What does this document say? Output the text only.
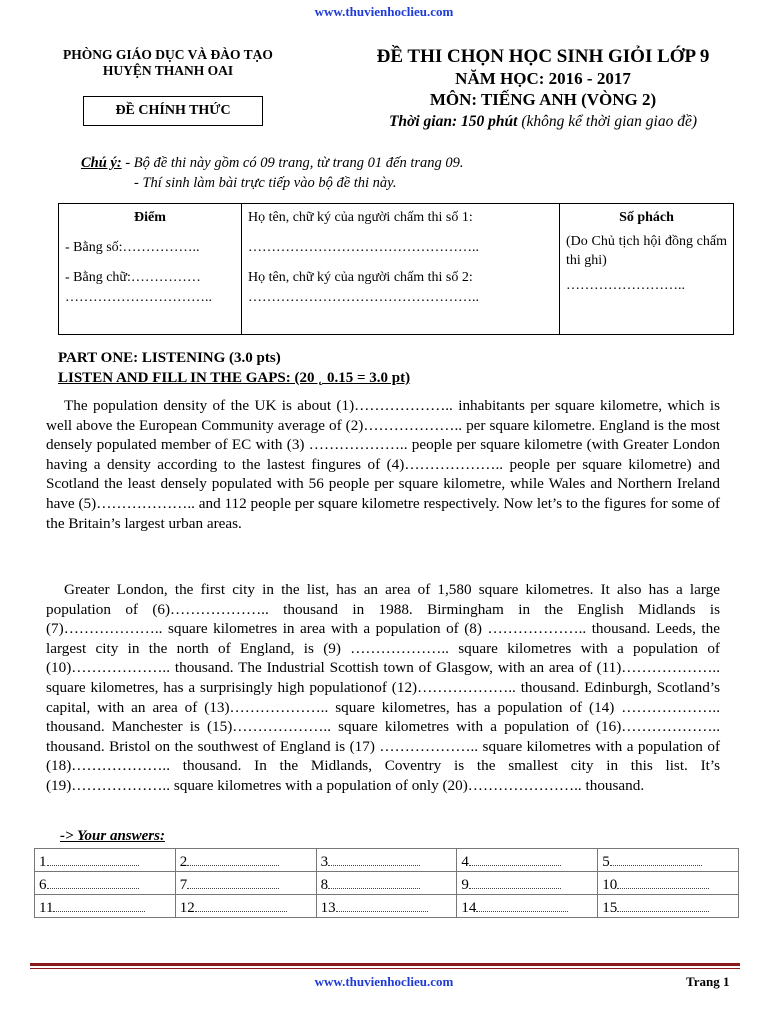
www.thuvienhoclieu.com
PHÒNG GIÁO DỤC VÀ ĐÀO TẠO
HUYỆN THANH OAI
ĐỀ CHÍNH THỨC
ĐỀ THI CHỌN HỌC SINH GIỎI LỚP 9
NĂM HỌC: 2016 - 2017
MÔN: TIẾNG ANH (VÒNG 2)
Thời gian: 150 phút (không kể thời gian giao đề)
Chú ý: - Bộ đề thi này gồm có 09 trang, từ trang 01 đến trang 09.
- Thí sinh làm bài trực tiếp vào bộ đề thi này.
Điểm
- Bằng số:……………..
- Bằng chữ:……………
…………………………..

Họ tên, chữ ký của người chấm thi số 1:
…………………………………………..
Họ tên, chữ ký của người chấm thi số 2:
…………………………………………..

Số phách
(Do Chủ tịch hội đồng chấm thi ghi)
……………………..
PART ONE: LISTENING (3.0 pts)
LISTEN AND FILL IN THE GAPS: (20 ˛ 0.15 = 3.0 pt)
The population density of the UK is about (1)……………….. inhabitants per square kilometre, which is well above the European Community average of (2)……………….. per square kilometre. England is the most densely populated member of EC with (3) ……………….. people per square kilometre (with Greater London having a density according to the lastest fingures of (4)……………….. people per square kilometre) and Scotland the least densely populated with 56 people per square kilometre, while Wales and Northern Ireland have (5)……………….. and 112 people per square kilometre respectively. Now let’s to the figures for some of the Britain’s largest urban areas.
Greater London, the first city in the list, has an area of 1,580 square kilometres. It also has a large population of (6)……………….. thousand in 1988. Birmingham in the English Midlands is (7)……………….. square kilometres in area with a population of (8) ……………….. thousand. Leeds, the largest city in the north of England, is (9) ……………….. square kilometres with a population of (10)……………….. thousand. The Industrial Scottish town of Glasgow, with an area of (11)……………….. square kilometres, has a surprisingly high populationof (12)……………….. thousand. Edinburgh, Scotland’s capital, with an area of (13)……………….. square kilometres, has a population of (14) ……………….. thousand. Manchester is (15)……………….. square kilometres with a population of (16)……………….. thousand. Bristol on the southwest of England is (17) ……………….. square kilometres with a population of (18)……………….. thousand. In the Midlands, Coventry is the smallest city in this list. It’s (19)……………….. square kilometres with a population of only (20)………………….. thousand.
-> Your answers:
1	2	3	4	5
6	7	8	9	10
11	12	13	14	15
www.thuvienhoclieu.com	Trang 1
